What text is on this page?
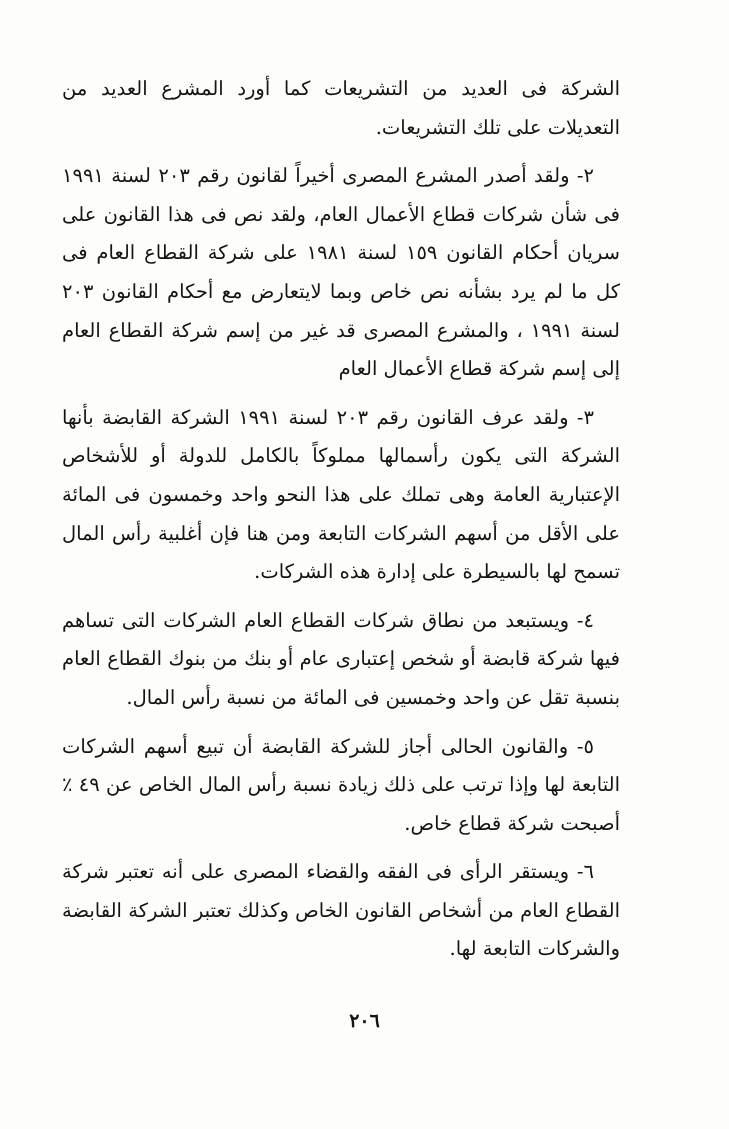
الشركة فى العديد من التشريعات كما أورد المشرع العديد من التعديلات على تلك التشريعات.

٢- ولقد أصدر المشرع المصرى أخيراً لقانون رقم ٢٠٣ لسنة ١٩٩١ فى شأن شركات قطاع الأعمال العام، ولقد نص فى هذا القانون على سريان أحكام القانون ١٥٩ لسنة ١٩٨١ على شركة القطاع العام فى كل ما لم يرد بشأنه نص خاص وبما لايتعارض مع أحكام القانون ٢٠٣ لسنة ١٩٩١ ، والمشرع المصرى قد غير من إسم شركة القطاع العام إلى إسم شركة قطاع الأعمال العام

٣- ولقد عرف القانون رقم ٢٠٣ لسنة ١٩٩١ الشركة القابضة بأنها الشركة التى يكون رأسمالها مملوكاً بالكامل للدولة أو للأشخاص الإعتبارية العامة وهى تملك على هذا النحو واحد وخمسون فى المائة على الأقل من أسهم الشركات التابعة ومن هنا فإن أغلبية رأس المال تسمح لها بالسيطرة على إدارة هذه الشركات.

٤- ويستبعد من نطاق شركات القطاع العام الشركات التى تساهم فيها شركة قابضة أو شخص إعتبارى عام أو بنك من بنوك القطاع العام بنسبة تقل عن واحد وخمسين فى المائة من نسبة رأس المال.

٥- والقانون الحالى أجاز للشركة القابضة أن تبيع أسهم الشركات التابعة لها وإذا ترتب على ذلك زيادة نسبة رأس المال الخاص عن ٤٩ ٪ أصبحت شركة قطاع خاص.

٦- ويستقر الرأى فى الفقه والقضاء المصرى على أنه تعتبر شركة القطاع العام من أشخاص القانون الخاص وكذلك تعتبر الشركة القابضة والشركات التابعة لها.

٢٠٦
